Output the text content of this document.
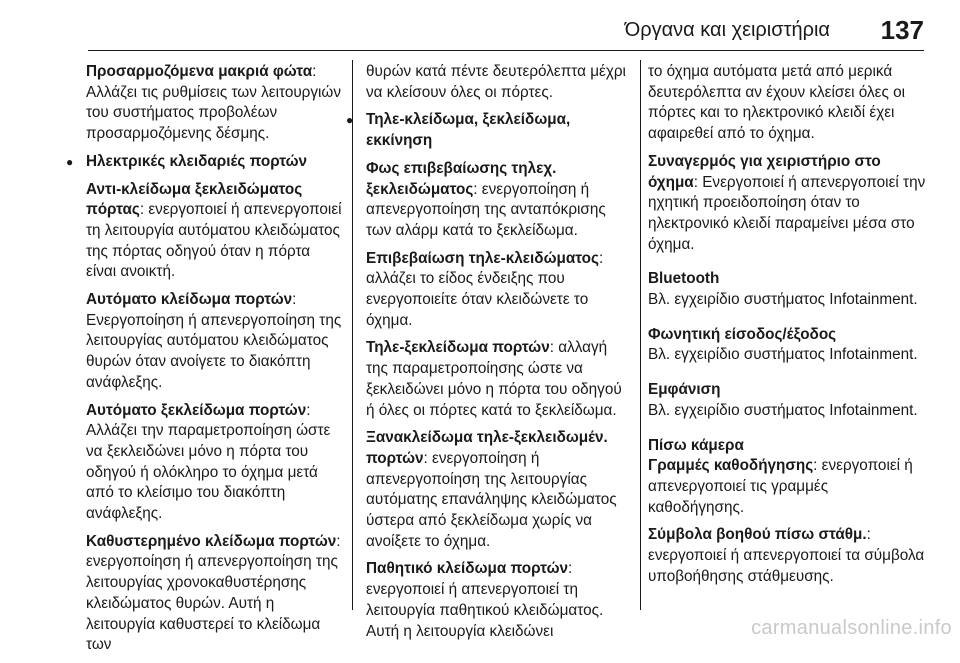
Όργανα και χειριστήρια 137
Προσαρμοζόμενα μακριά φώτα: Αλλάζει τις ρυθμίσεις των λειτουργιών του συστήματος προβολέων προσαρμοζόμενης δέσμης.
● Ηλεκτρικές κλειδαριές πορτών
Αντι-κλείδωμα ξεκλειδώματος πόρτας: ενεργοποιεί ή απενεργοποιεί τη λειτουργία αυτόματου κλειδώματος της πόρτας οδηγού όταν η πόρτα είναι ανοικτή.
Αυτόματο κλείδωμα πορτών: Ενεργοποίηση ή απενεργοποίηση της λειτουργίας αυτόματου κλειδώματος θυρών όταν ανοίγετε το διακόπτη ανάφλεξης.
Αυτόματο ξεκλείδωμα πορτών: Αλλάζει την παραμετροποίηση ώστε να ξεκλειδώνει μόνο η πόρτα του οδηγού ή ολόκληρο το όχημα μετά από το κλείσιμο του διακόπτη ανάφλεξης.
Καθυστερημένο κλείδωμα πορτών: ενεργοποίηση ή απενεργοποίηση της λειτουργίας χρονοκαθυστέρησης κλειδώματος θυρών. Αυτή η λειτουργία καθυστερεί το κλείδωμα των
θυρών κατά πέντε δευτερόλεπτα μέχρι να κλείσουν όλες οι πόρτες.
● Τηλε-κλείδωμα, ξεκλείδωμα, εκκίνηση
Φως επιβεβαίωσης τηλεχ. ξεκλειδώματος: ενεργοποίηση ή απενεργοποίηση της ανταπόκρισης των αλάρμ κατά το ξεκλείδωμα.
Επιβεβαίωση τηλε-κλειδώματος: αλλάζει το είδος ένδειξης που ενεργοποιείτε όταν κλειδώνετε το όχημα.
Τηλε-ξεκλείδωμα πορτών: αλλαγή της παραμετροποίησης ώστε να ξεκλειδώνει μόνο η πόρτα του οδηγού ή όλες οι πόρτες κατά το ξεκλείδωμα.
Ξανακλείδωμα τηλε-ξεκλειδωμέν. πορτών: ενεργοποίηση ή απενεργοποίηση της λειτουργίας αυτόματης επανάληψης κλειδώματος ύστερα από ξεκλείδωμα χωρίς να ανοίξετε το όχημα.
Παθητικό κλείδωμα πορτών: ενεργοποιεί ή απενεργοποιεί τη λειτουργία παθητικού κλειδώματος. Αυτή η λειτουργία κλειδώνει
το όχημα αυτόματα μετά από μερικά δευτερόλεπτα αν έχουν κλείσει όλες οι πόρτες και το ηλεκτρονικό κλειδί έχει αφαιρεθεί από το όχημα.
Συναγερμός για χειριστήριο στο όχημα: Ενεργοποιεί ή απενεργοποιεί την ηχητική προειδοποίηση όταν το ηλεκτρονικό κλειδί παραμείνει μέσα στο όχημα.
Bluetooth
Βλ. εγχειρίδιο συστήματος Infotainment.
Φωνητική είσοδος/έξοδος
Βλ. εγχειρίδιο συστήματος Infotainment.
Εμφάνιση
Βλ. εγχειρίδιο συστήματος Infotainment.
Πίσω κάμερα
Γραμμές καθοδήγησης: ενεργοποιεί ή απενεργοποιεί τις γραμμές καθοδήγησης.
Σύμβολα βοηθού πίσω στάθμ.: ενεργοποιεί ή απενεργοποιεί τα σύμβολα υποβοήθησης στάθμευσης.
carmanualsonline.info
